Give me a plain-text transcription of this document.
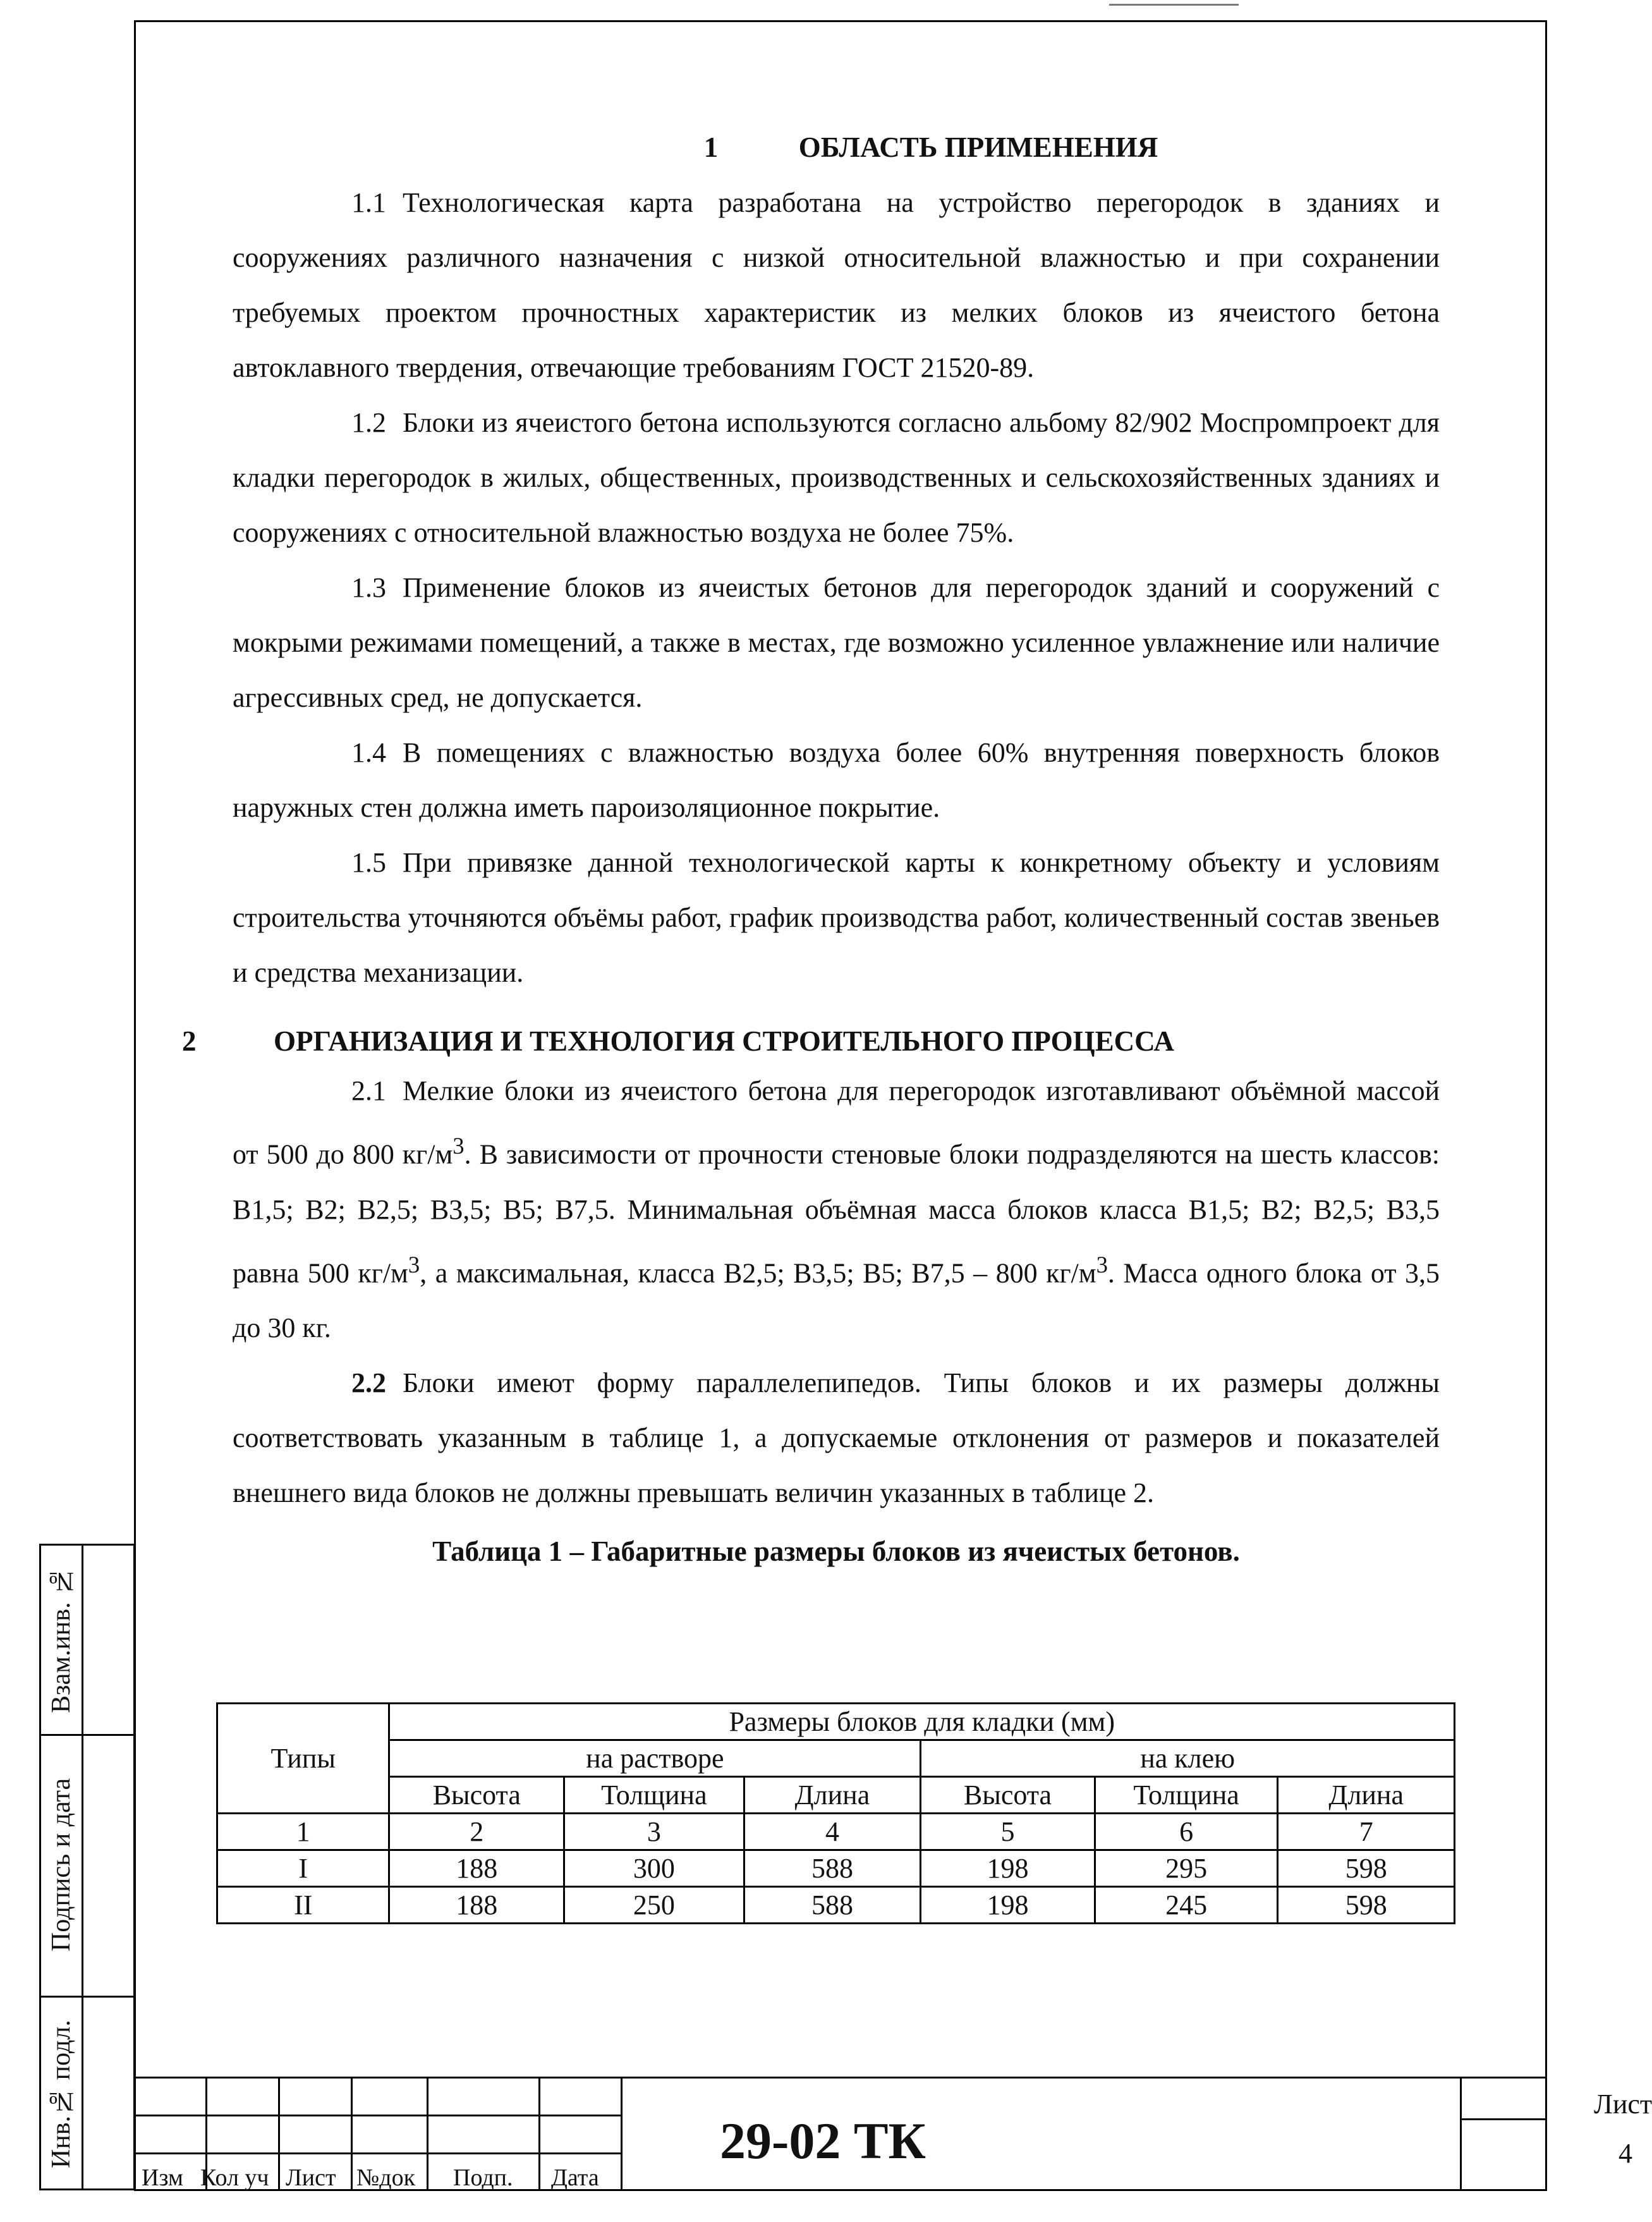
Взам.инв. №
Подпись и дата
Инв.№ подл.
1	ОБЛАСТЬ ПРИМЕНЕНИЯ

1.1 Технологическая карта разработана на устройство перегородок в зданиях и сооружениях различного назначения с низкой относительной влажностью и при сохранении требуемых проектом прочностных характеристик из мелких блоков из ячеистого бетона автоклавного твердения, отвечающие требованиям ГОСТ 21520-89.

1.2 Блоки из ячеистого бетона используются согласно альбому 82/902 Моспромпроект для кладки перегородок в жилых, общественных, производственных и сельскохозяйственных зданиях и сооружениях с относительной влажностью воздуха не более 75%.

1.3 Применение блоков из ячеистых бетонов для перегородок зданий и сооружений с мокрыми режимами помещений, а также в местах, где возможно усиленное увлажнение или наличие агрессивных сред, не допускается.

1.4 В помещениях с влажностью воздуха более 60% внутренняя поверхность блоков наружных стен должна иметь пароизоляционное покрытие.

1.5 При привязке данной технологической карты к конкретному объекту и условиям строительства уточняются объёмы работ, график производства работ, количественный состав звеньев и средства механизации.

2	ОРГАНИЗАЦИЯ И ТЕХНОЛОГИЯ СТРОИТЕЛЬНОГО ПРОЦЕССА

2.1 Мелкие блоки из ячеистого бетона для перегородок изготавливают объёмной массой от 500 до 800 $кг/м^3$. В зависимости от прочности стеновые блоки подразделяются на шесть классов: В1,5; В2; В2,5; В3,5; В5; В7,5. Минимальная объёмная масса блоков класса В1,5; В2; В2,5; В3,5 равна 500 $кг/м^3$, а максимальная, класса В2,5; В3,5; В5; В7,5 – 800 $кг/м^3$. Масса одного блока от 3,5 до 30 кг.

2.2 Блоки имеют форму параллелепипедов. Типы блоков и их размеры должны соответствовать указанным в таблице 1, а допускаемые отклонения от размеров и показателей внешнего вида блоков не должны превышать величин указанных в таблице 2.

Таблица 1 – Габаритные размеры блоков из ячеистых бетонов.
Типы	Размеры блоков для кладки (мм)					
	на растворе			на клею		
	Высота	Толщина	Длина	Высота	Толщина	Длина
1	2	3	4	5	6	7
I	188	300	588	198	295	598
II	188	250	588	198	245	598
Изм Кол уч Лист №док Подп. Дата
29-02 ТК
Лист
4
